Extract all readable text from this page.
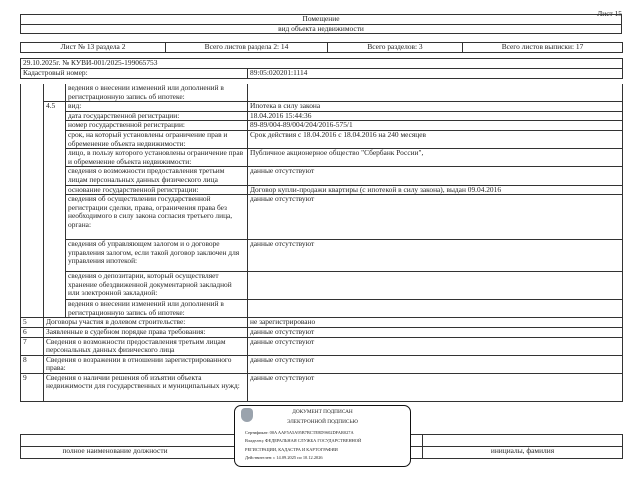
Лист 15
Помещение
вид объекта недвижимости
Лист № 13 раздела 2	Всего листов раздела 2: 14	Всего разделов: 3	Всего листов выписки: 17
29.10.2025г. № КУВИ-001/2025-199065753
Кадастровый номер:	89:05:020201:1114
		ведения о внесении изменений или дополнений в регистрационную запись об ипотеке:	
	4.5	вид:	Ипотека в силу закона
		дата государственной регистрации:	18.04.2016 15:44:36
		номер государственной регистрации:	89-89/004-89/004/204/2016-575/1
		срок, на который установлены ограничение прав и обременение объекта недвижимости:	Срок действия с 18.04.2016 с 18.04.2016 на 240 месяцев
		лицо, в пользу которого установлены ограничение прав и обременение объекта недвижимости:	Публичное акционерное общество "Сбербанк России",
		сведения о возможности предоставления третьим лицам персональных данных физического лица	данные отсутствуют
		основание государственной регистрации:	Договор купли-продажи квартиры (с ипотекой в силу закона), выдан 09.04.2016
		сведения об осуществлении государственной регистрации сделки, права, ограничения права без необходимого в силу закона согласия третьего лица, органа:	данные отсутствуют
		сведения об управляющем залогом и о договоре управления залогом, если такой договор заключен для управления ипотекой:	данные отсутствуют
		сведения о депозитарии, который осуществляет хранение обездвиженной документарной закладной или электронной закладной:	
		ведения о внесении изменений или дополнений в регистрационную запись об ипотеке:	
5	Договоры участия в долевом строительстве:		не зарегистрировано
6	Заявленные в судебном порядке права требования:		данные отсутствуют
7	Сведения о возможности предоставления третьим лицам персональных данных физического лица		данные отсутствуют
8	Сведения о возражении в отношении зарегистрированного права:		данные отсутствуют
9	Сведения о наличии решения об изъятии объекта недвижимости для государственных и муниципальных нужд:		данные отсутствуют

полное наименование должности	инициалы, фамилия
ДОКУМЕНТ ПОДПИСАН
ЭЛЕКТРОННОЙ ПОДПИСЬЮ
Сертификат: 00A AAF5A5A95B7BCTE8D9S02DFAR027A
Владелец: ФЕДЕРАЛЬНАЯ СЛУЖБА ГОСУДАРСТВЕННОЙ
РЕГИСТРАЦИИ, КАДАСТРА И КАРТОГРАФИИ
Действителен: с 14.09.2025 по 10.12.2026
